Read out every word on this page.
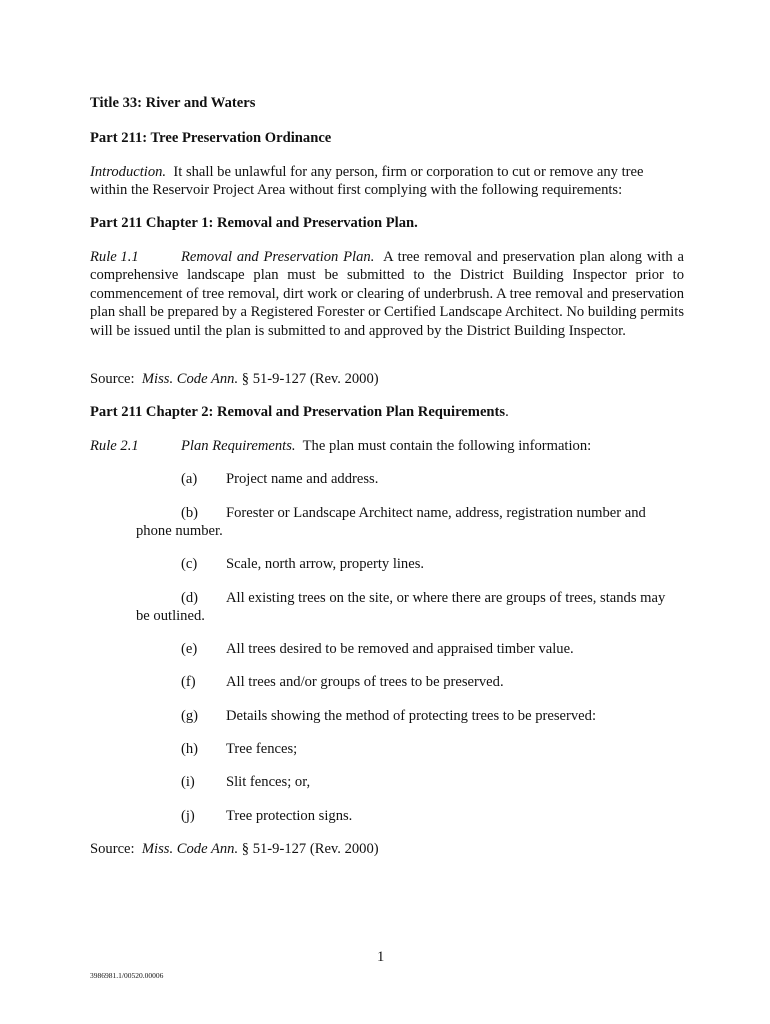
Title 33: River and Waters

Part 211: Tree Preservation Ordinance

Introduction. It shall be unlawful for any person, firm or corporation to cut or remove any tree within the Reservoir Project Area without first complying with the following requirements:

Part 211 Chapter 1: Removal and Preservation Plan.

Rule 1.1	Removal and Preservation Plan. A tree removal and preservation plan along with a comprehensive landscape plan must be submitted to the District Building Inspector prior to commencement of tree removal, dirt work or clearing of underbrush. A tree removal and preservation plan shall be prepared by a Registered Forester or Certified Landscape Architect. No building permits will be issued until the plan is submitted to and approved by the District Building Inspector.

Source: Miss. Code Ann. § 51-9-127 (Rev. 2000)

Part 211 Chapter 2: Removal and Preservation Plan Requirements.

Rule 2.1	Plan Requirements. The plan must contain the following information:

(a) Project name and address.

(b) Forester or Landscape Architect name, address, registration number and phone number.

(c) Scale, north arrow, property lines.

(d) All existing trees on the site, or where there are groups of trees, stands may be outlined.

(e) All trees desired to be removed and appraised timber value.

(f) All trees and/or groups of trees to be preserved.

(g) Details showing the method of protecting trees to be preserved:

(h) Tree fences;

(i) Slit fences; or,

(j) Tree protection signs.

Source: Miss. Code Ann. § 51-9-127 (Rev. 2000)

1
3986981.1/00520.00006
